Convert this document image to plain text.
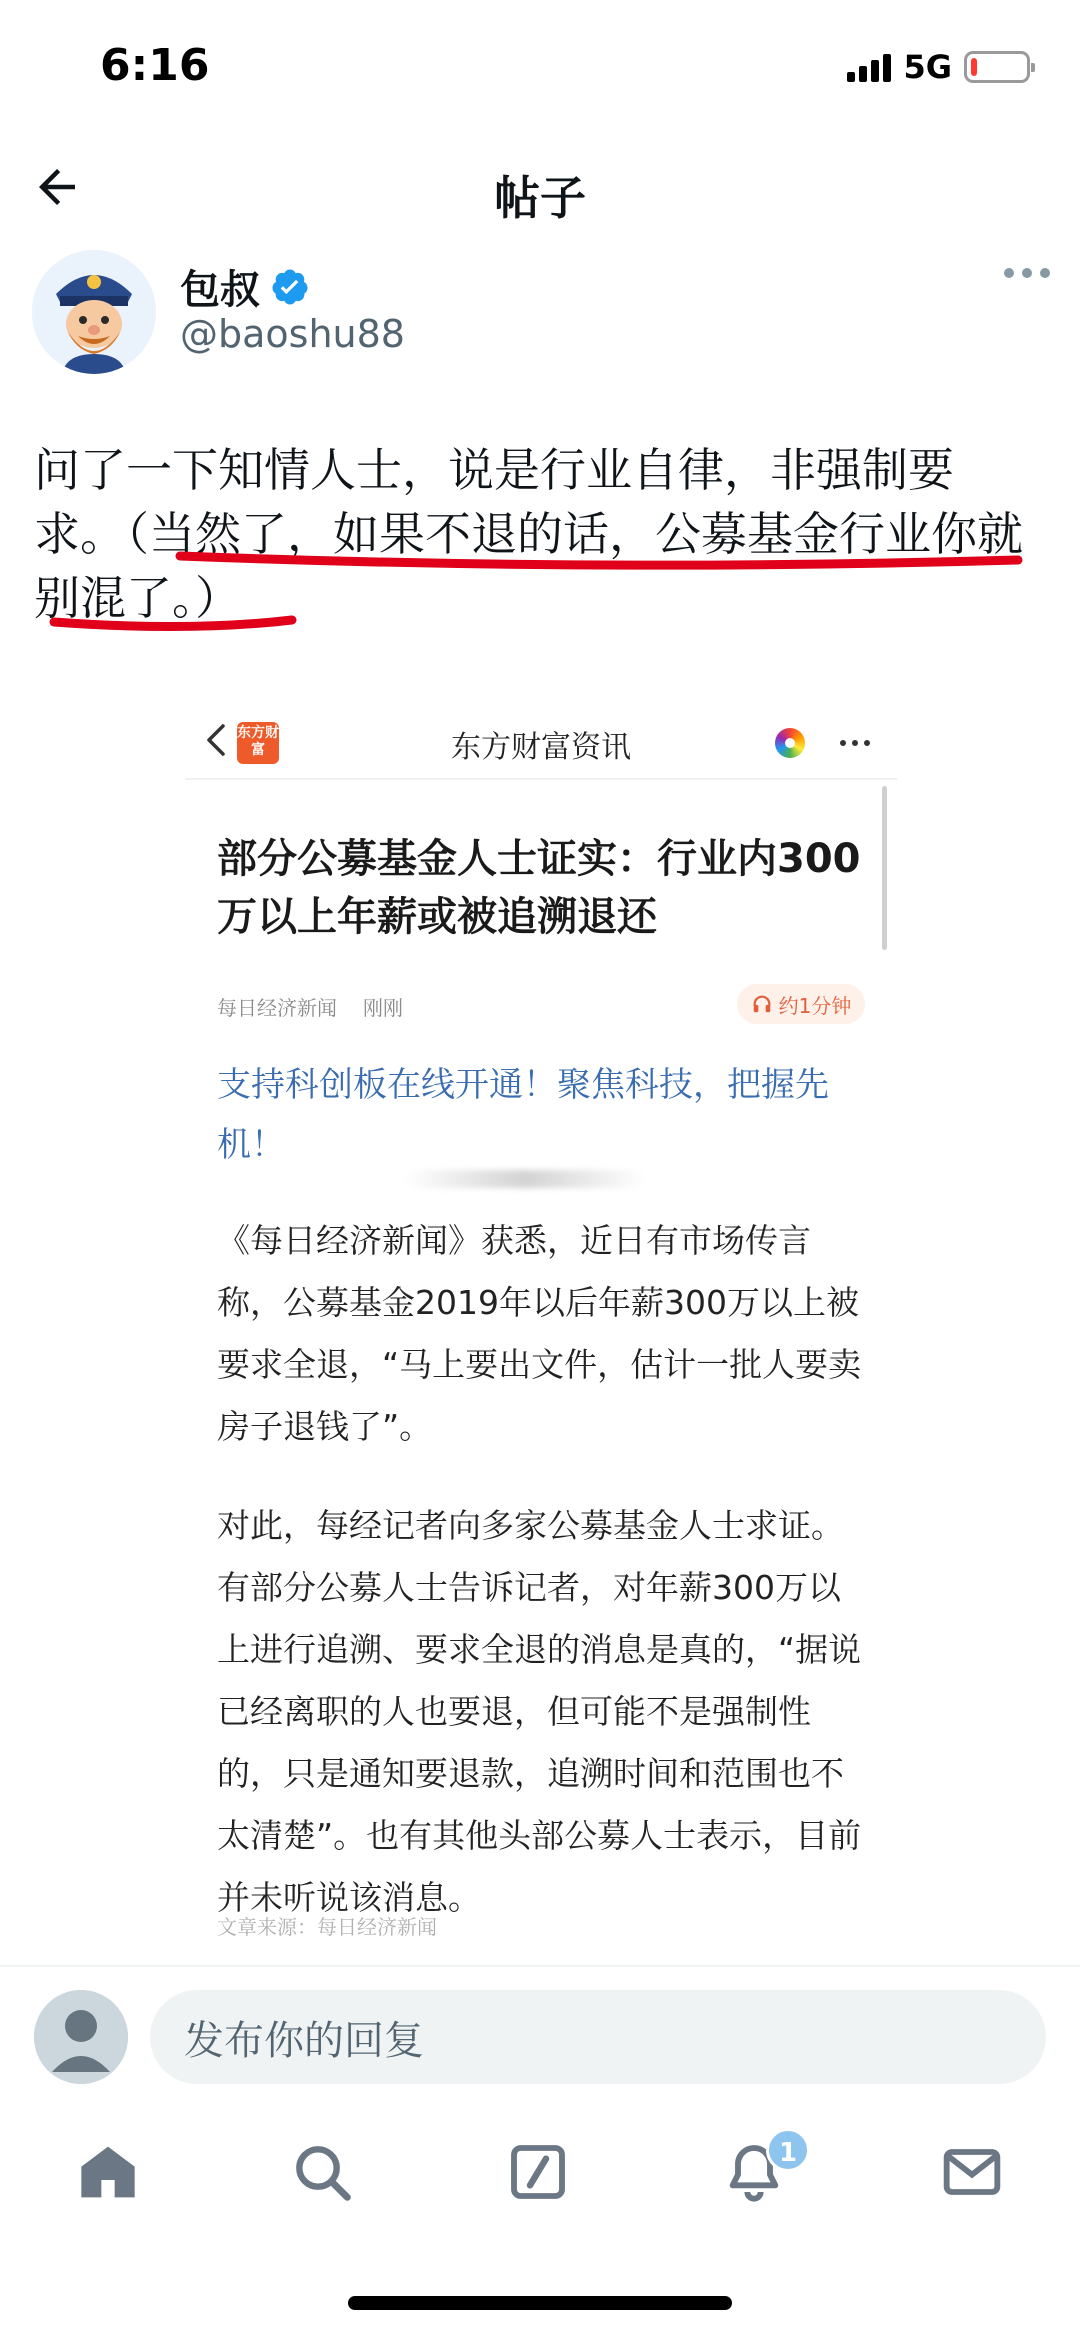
6:16	5G
帖子
包叔
@baoshu88
问了一下知情人士，说是行业自律，非强制要求。（当然了，如果不退的话，公募基金行业你就别混了。）
东方财富	东方财富资讯
部分公募基金人士证实：行业内300万以上年薪或被追溯退还
每日经济新闻 刚刚	约1分钟
支持科创板在线开通！聚焦科技，把握先机！
《每日经济新闻》获悉，近日有市场传言称，公募基金2019年以后年薪300万以上被要求全退，“马上要出文件，估计一批人要卖房子退钱了”。
对此，每经记者向多家公募基金人士求证。有部分公募人士告诉记者，对年薪300万以上进行追溯、要求全退的消息是真的，“据说已经离职的人也要退，但可能不是强制性的，只是通知要退款，追溯时间和范围也不太清楚”。也有其他头部公募人士表示，目前并未听说该消息。
文章来源：每日经济新闻
发布你的回复
1
